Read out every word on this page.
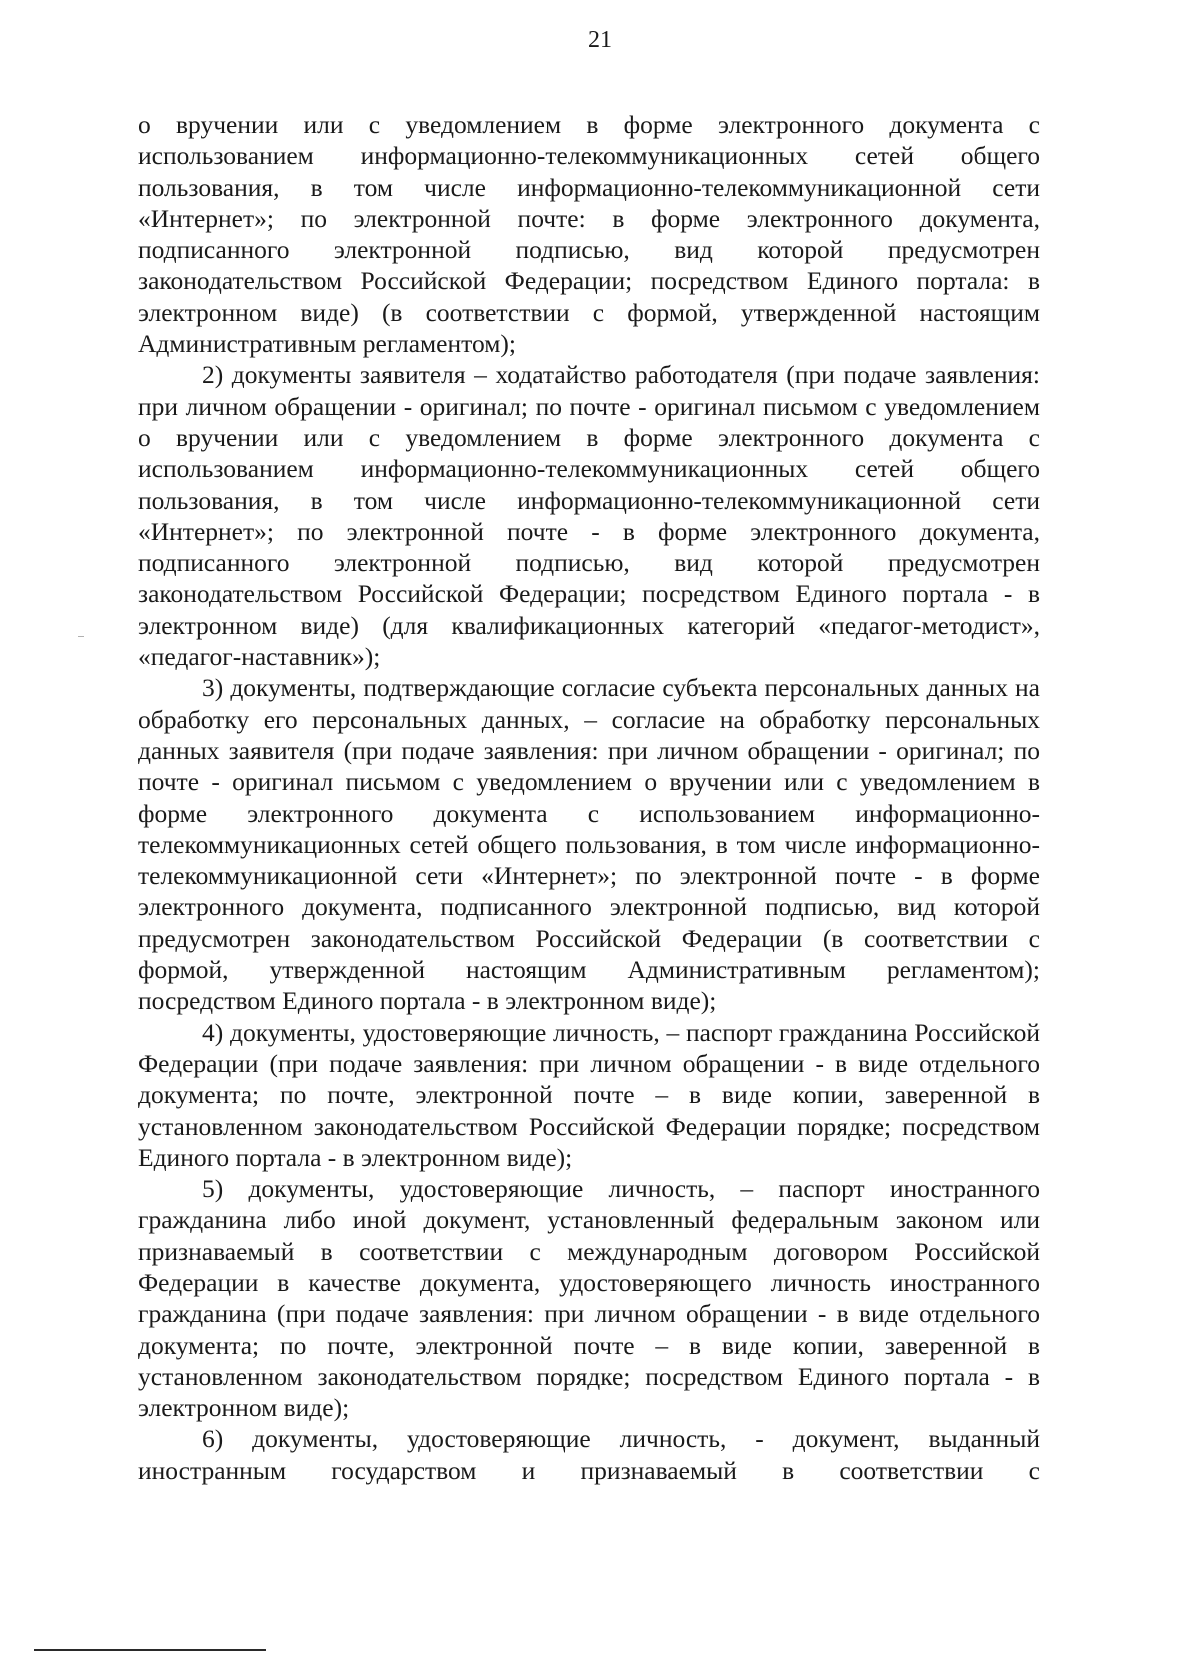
21

о вручении или с уведомлением в форме электронного документа с использованием информационно-телекоммуникационных сетей общего пользования, в том числе информационно-телекоммуникационной сети «Интернет»; по электронной почте: в форме электронного документа, подписанного электронной подписью, вид которой предусмотрен законодательством Российской Федерации; посредством Единого портала: в электронном виде) (в соответствии с формой, утвержденной настоящим Административным регламентом);

2) документы заявителя – ходатайство работодателя (при подаче заявления: при личном обращении - оригинал; по почте - оригинал письмом с уведомлением о вручении или с уведомлением в форме электронного документа с использованием информационно-телекоммуникационных сетей общего пользования, в том числе информационно-телекоммуникационной сети «Интернет»; по электронной почте - в форме электронного документа, подписанного электронной подписью, вид которой предусмотрен законодательством Российской Федерации; посредством Единого портала - в электронном виде) (для квалификационных категорий «педагог-методист», «педагог-наставник»);

3) документы, подтверждающие согласие субъекта персональных данных на обработку его персональных данных, – согласие на обработку персональных данных заявителя (при подаче заявления: при личном обращении - оригинал; по почте - оригинал письмом с уведомлением о вручении или с уведомлением в форме электронного документа с использованием информационно-телекоммуникационных сетей общего пользования, в том числе информационно-телекоммуникационной сети «Интернет»; по электронной почте - в форме электронного документа, подписанного электронной подписью, вид которой предусмотрен законодательством Российской Федерации (в соответствии с формой, утвержденной настоящим Административным регламентом); посредством Единого портала - в электронном виде);

4) документы, удостоверяющие личность, – паспорт гражданина Российской Федерации (при подаче заявления: при личном обращении - в виде отдельного документа; по почте, электронной почте – в виде копии, заверенной в установленном законодательством Российской Федерации порядке; посредством Единого портала - в электронном виде);

5) документы, удостоверяющие личность, – паспорт иностранного гражданина либо иной документ, установленный федеральным законом или признаваемый в соответствии с международным договором Российской Федерации в качестве документа, удостоверяющего личность иностранного гражданина (при подаче заявления: при личном обращении - в виде отдельного документа; по почте, электронной почте – в виде копии, заверенной в установленном законодательством порядке; посредством Единого портала - в электронном виде);

6) документы, удостоверяющие личность, - документ, выданный иностранным государством и признаваемый в соответствии с
